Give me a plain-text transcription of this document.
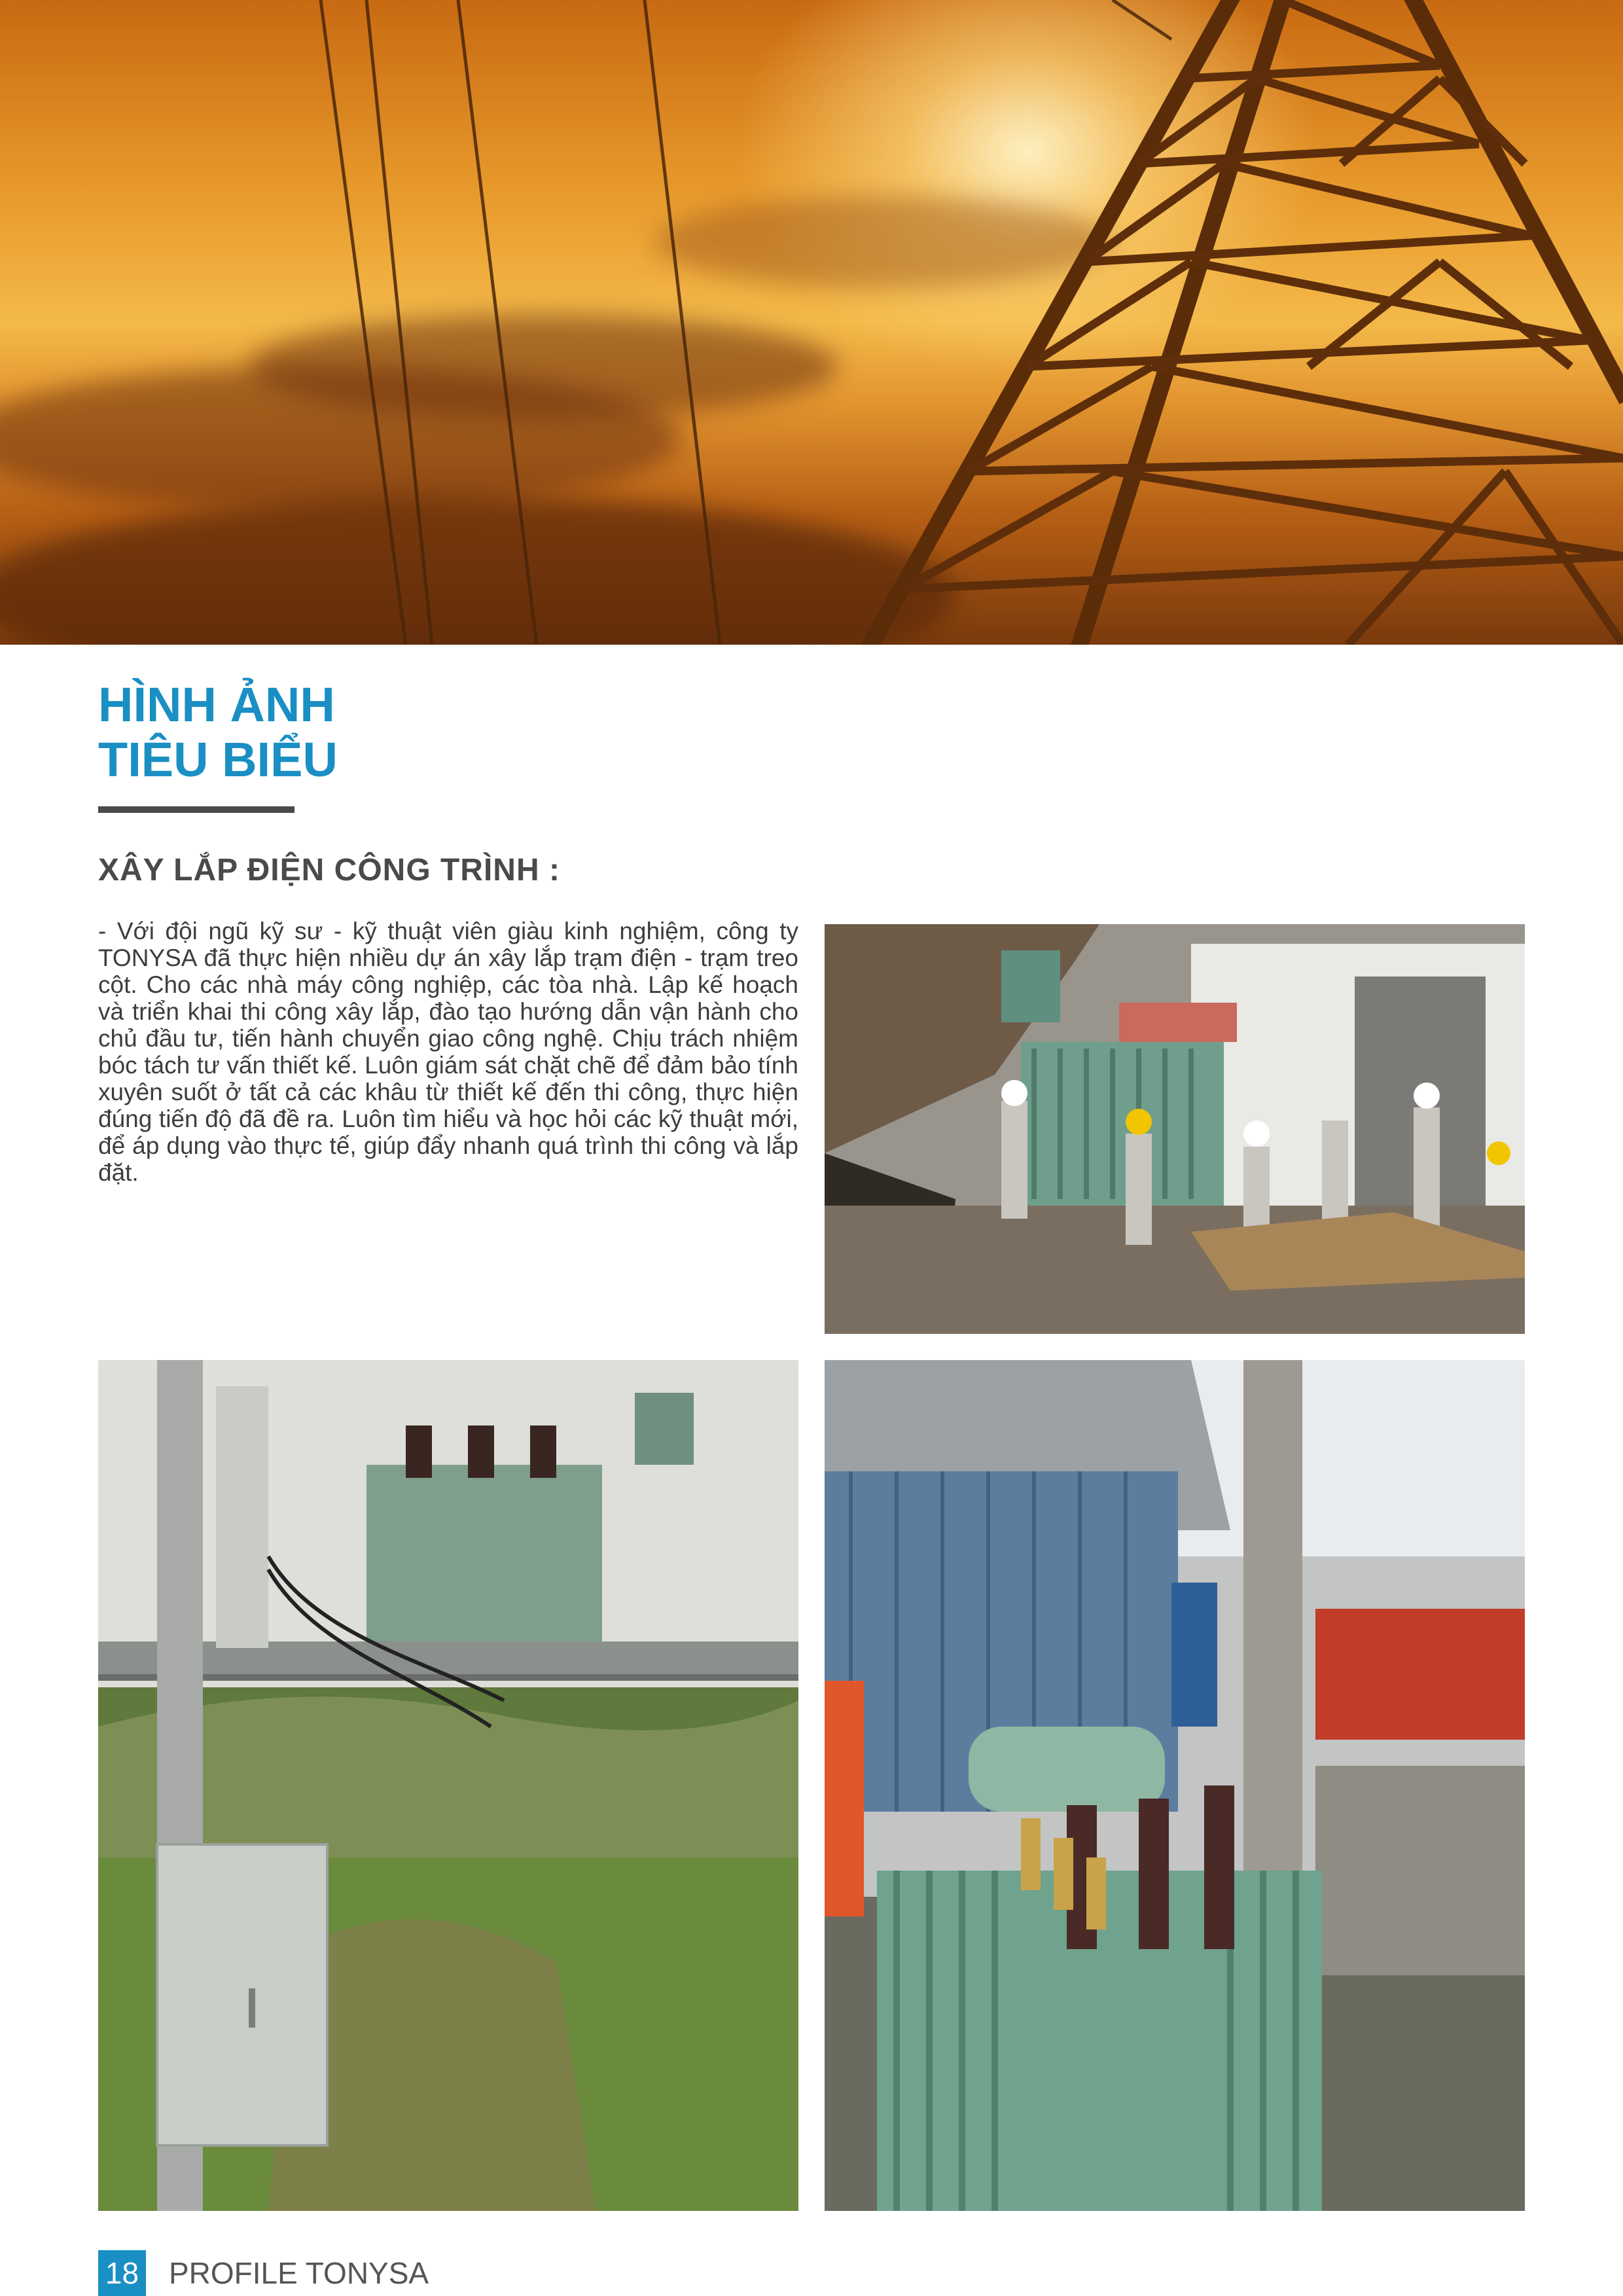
HÌNH ẢNH
TIÊU BIỂU
XÂY LẮP ĐIỆN CÔNG TRÌNH :
- Với đội ngũ kỹ sư - kỹ thuật viên giàu kinh nghiệm, công ty TONYSA đã thực hiện nhiều dự án xây lắp trạm điện - trạm treo cột. Cho các nhà máy công nghiệp, các tòa nhà. Lập kế hoạch và triển khai thi công xây lắp, đào tạo hướng dẫn vận hành cho chủ đầu tư, tiến hành chuyển giao công nghệ. Chịu trách nhiệm bóc tách tư vấn thiết kế. Luôn giám sát chặt chẽ để đảm bảo tính xuyên suốt ở tất cả các khâu từ thiết kế đến thi công, thực hiện đúng tiến độ đã đề ra. Luôn tìm hiểu và học hỏi các kỹ thuật mới, để áp dụng vào thực tế, giúp đẩy nhanh quá trình thi công và lắp đặt.
18 PROFILE TONYSA
